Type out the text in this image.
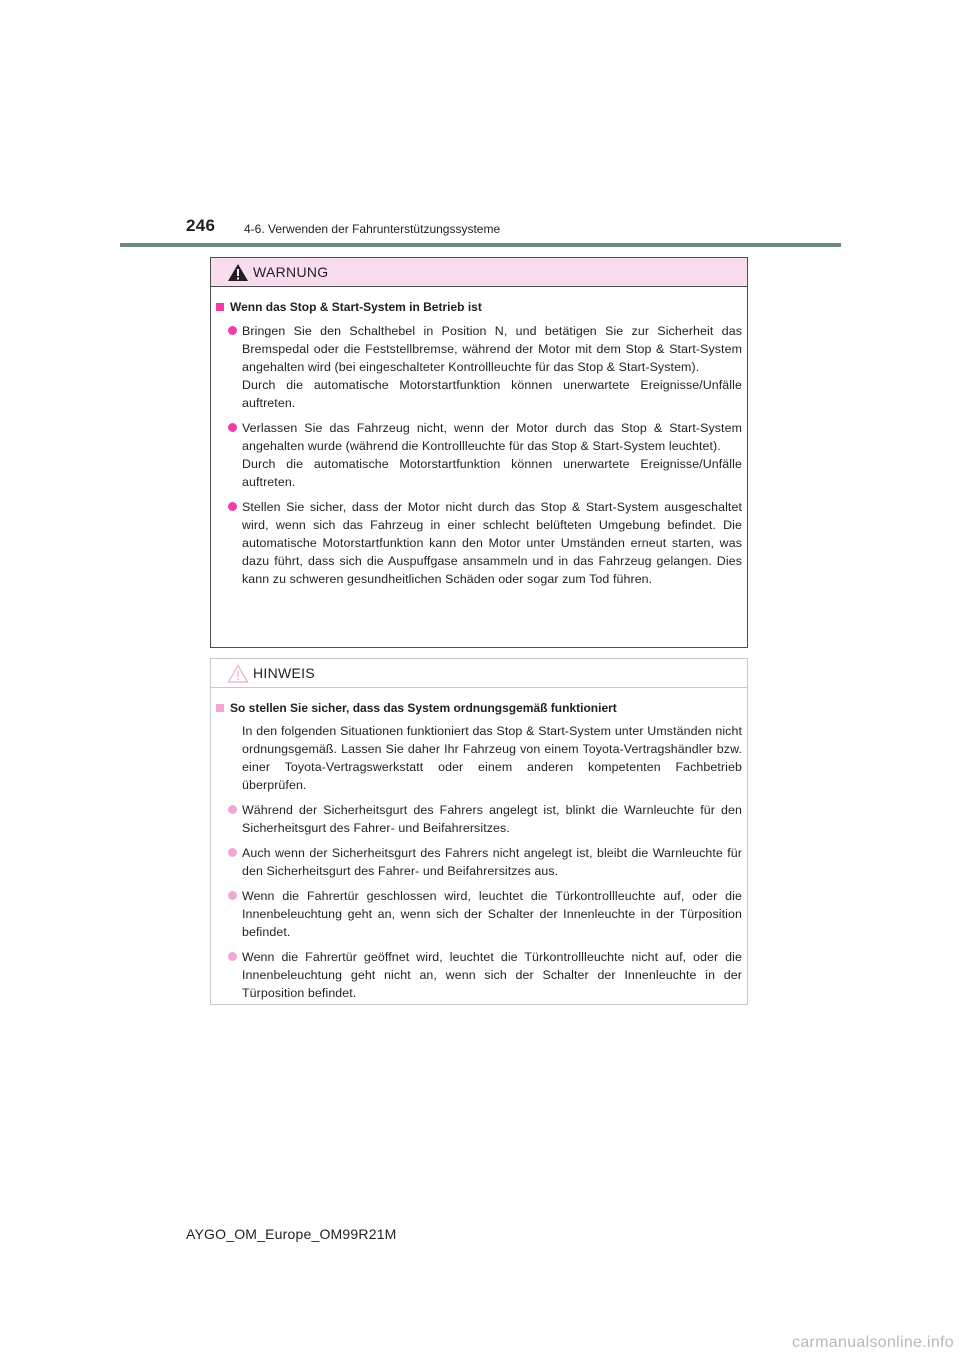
246 4-6. Verwenden der Fahrunterstützungssysteme
WARNUNG
Wenn das Stop & Start-System in Betrieb ist

Bringen Sie den Schalthebel in Position N, und betätigen Sie zur Sicherheit das Bremspedal oder die Feststellbremse, während der Motor mit dem Stop & Start-System angehalten wird (bei eingeschalteter Kontrollleuchte für das Stop & Start-System).

Durch die automatische Motorstartfunktion können unerwartete Ereignisse/Unfälle auftreten.

Verlassen Sie das Fahrzeug nicht, wenn der Motor durch das Stop & Start-System angehalten wurde (während die Kontrollleuchte für das Stop & Start-System leuchtet).

Durch die automatische Motorstartfunktion können unerwartete Ereignisse/Unfälle auftreten.

Stellen Sie sicher, dass der Motor nicht durch das Stop & Start-System ausgeschaltet wird, wenn sich das Fahrzeug in einer schlecht belüfteten Umgebung befindet. Die automatische Motorstartfunktion kann den Motor unter Umständen erneut starten, was dazu führt, dass sich die Auspuffgase ansammeln und in das Fahrzeug gelangen. Dies kann zu schweren gesundheitlichen Schäden oder sogar zum Tod führen.

HINWEIS
So stellen Sie sicher, dass das System ordnungsgemäß funktioniert
In den folgenden Situationen funktioniert das Stop & Start-System unter Umständen nicht ordnungsgemäß. Lassen Sie daher Ihr Fahrzeug von einem Toyota-Vertragshändler bzw. einer Toyota-Vertragswerkstatt oder einem anderen kompetenten Fachbetrieb überprüfen.

Während der Sicherheitsgurt des Fahrers angelegt ist, blinkt die Warnleuchte für den Sicherheitsgurt des Fahrer- und Beifahrersitzes.

Auch wenn der Sicherheitsgurt des Fahrers nicht angelegt ist, bleibt die Warnleuchte für den Sicherheitsgurt des Fahrer- und Beifahrersitzes aus.

Wenn die Fahrertür geschlossen wird, leuchtet die Türkontrollleuchte auf, oder die Innenbeleuchtung geht an, wenn sich der Schalter der Innenleuchte in der Türposition befindet.

Wenn die Fahrertür geöffnet wird, leuchtet die Türkontrollleuchte nicht auf, oder die Innenbeleuchtung geht nicht an, wenn sich der Schalter der Innenleuchte in der Türposition befindet.

AYGO_OM_Europe_OM99R21M
carmanualsonline.info
